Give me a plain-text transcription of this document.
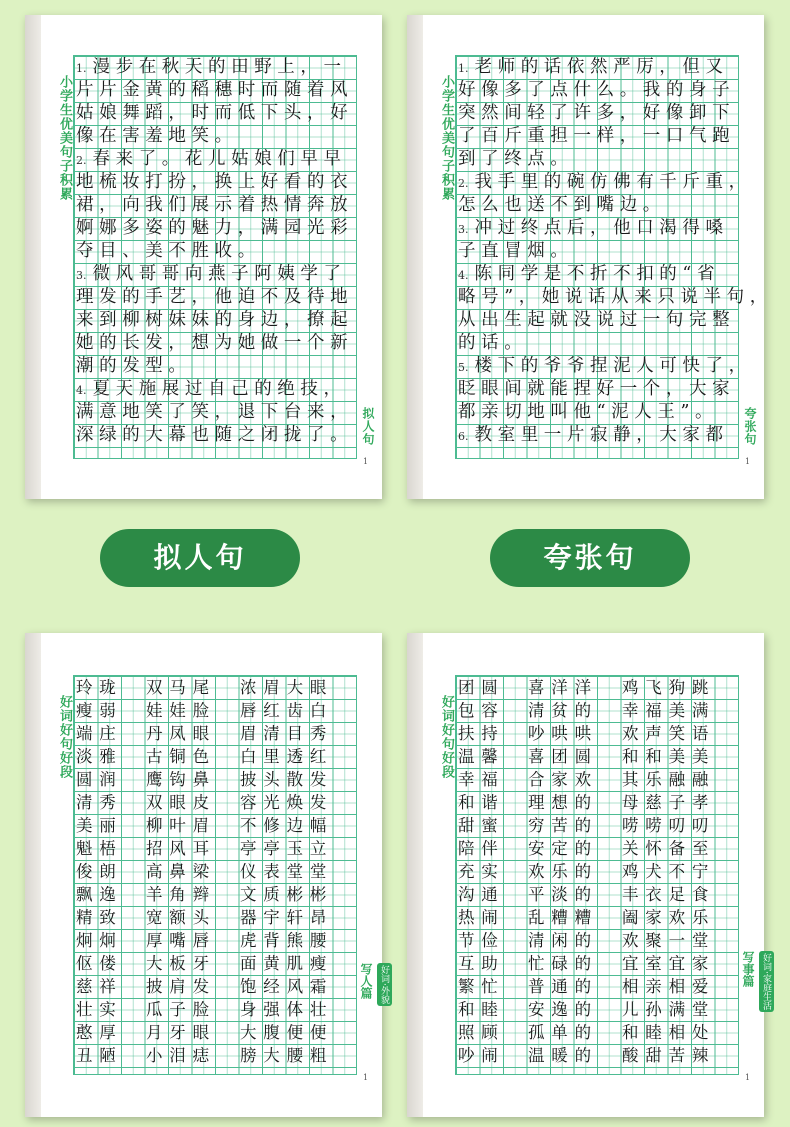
小学生优美句子积累
1. 漫步在秋天的田野上，一
片片金黄的稻穗时而随着风
姑娘舞蹈，时而低下头，好
像在害羞地笑。
2. 春来了。花儿姑娘们早早
地梳妆打扮，换上好看的衣
裙，向我们展示着热情奔放
婀娜多姿的魅力，满园光彩
夺目、美不胜收。
3. 微风哥哥向燕子阿姨学了
理发的手艺，他迫不及待地
来到柳树妹妹的身边，撩起
她的长发，想为她做一个新
潮的发型。
4. 夏天施展过自己的绝技，
满意地笑了笑，退下台来，
深绿的大幕也随之闭拢了。 拟人句
1
小学生优美句子积累
1. 老师的话依然严厉，但又
好像多了点什么。我的身子
突然间轻了许多，好像卸下
了百斤重担一样，一口气跑
到了终点。
2. 我手里的碗仿佛有千斤重，
怎么也送不到嘴边。
3. 冲过终点后，他口渴得嗓
子直冒烟。
4. 陈同学是不折不扣的“省
略号”，她说话从来只说半句，
从出生起就没说过一句完整
的话。
5. 楼下的爷爷捏泥人可快了，
眨眼间就能捏好一个，大家
都亲切地叫他“泥人王”。
6. 教室里一片寂静，大家都	夸张句
1
拟人句	夸张句
好词好句好段
玲珑
瘦弱
端庄
淡雅
圆润
清秀
美丽
魁梧
俊朗
飘逸
精致
炯炯
伛偻
慈祥
壮实
憨厚
丑陋
双马尾
娃娃脸
丹凤眼
古铜色
鹰钩鼻
双眼皮
柳叶眉
招风耳
高鼻梁
羊角辫
宽额头
厚嘴唇
大板牙
披肩发
瓜子脸
月牙眼
小泪痣
浓眉大眼
唇红齿白
眉清目秀
白里透红
披头散发
容光焕发
不修边幅
亭亭玉立
仪表堂堂
文质彬彬
器宇轩昂
虎背熊腰
面黄肌瘦
饱经风霜
身强体壮
大腹便便
膀大腰粗
写人篇 好词·外貌
1
好词好句好段
团圆
包容
扶持
温馨
幸福
和谐
甜蜜
陪伴
充实
沟通
热闹
节俭
互助
繁忙
和睦
照顾
吵闹
喜洋洋
清贫的
吵哄哄
喜团圆
合家欢
理想的
穷苦的
安定的
欢乐的
平淡的
乱糟糟
清闲的
忙碌的
普通的
安逸的
孤单的
温暖的
鸡飞狗跳
幸福美满
欢声笑语
和和美美
其乐融融
母慈子孝
唠唠叨叨
关怀备至
鸡犬不宁
丰衣足食
阖家欢乐
欢聚一堂
宜室宜家
相亲相爱
儿孙满堂
和睦相处
酸甜苦辣
写事篇 好词·家庭生活
1
